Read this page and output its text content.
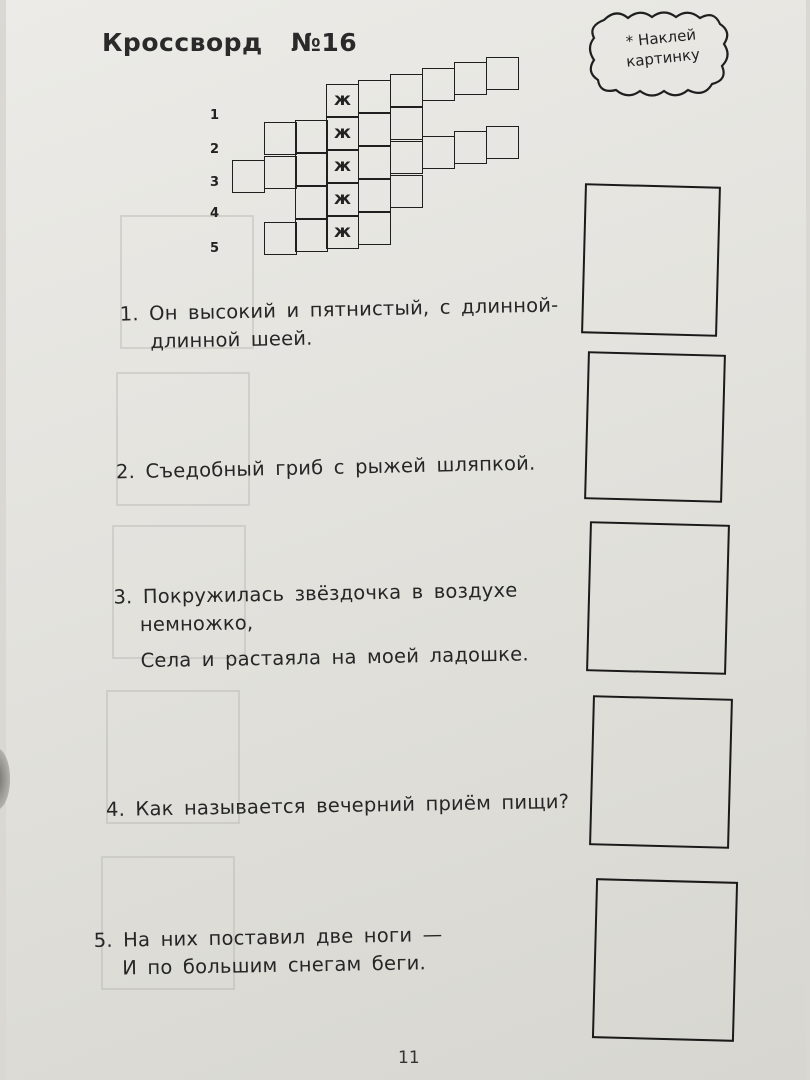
Кроссворд №16	* Наклей
картинку
ж
ж
ж
ж
ж
1
2
3
4
5
1. Он высокий и пятнистый, с длинной-
длинной шеей.
2. Съедобный гриб с рыжей шляпкой.
3. Покружилась звёздочка в воздухе
немножко,
Села и растаяла на моей ладошке.
4. Как называется вечерний приём пищи?
5. На них поставил две ноги —
И по большим снегам беги.
11
